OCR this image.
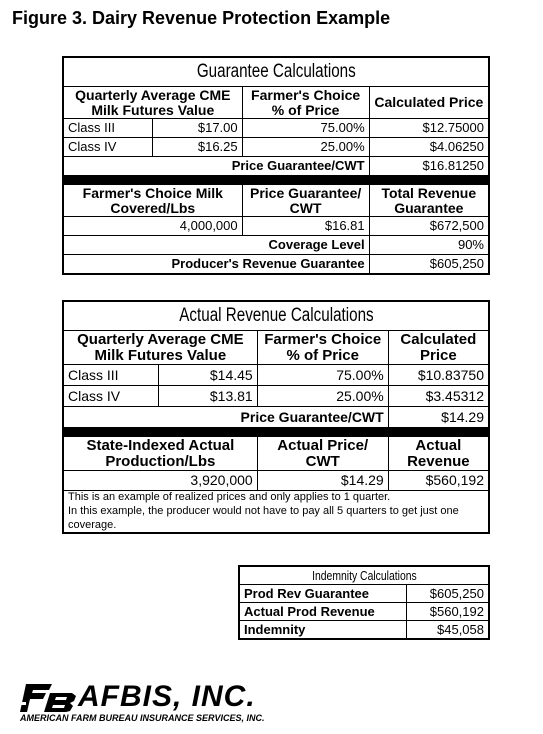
Figure 3. Dairy Revenue Protection Example
Guarantee Calculations			
Quarterly Average CME Milk Futures Value		Farmer's Choice % of Price	Calculated Price
Class III	$17.00	75.00%	$12.75000
Class IV	$16.25	25.00%	$4.06250
Price Guarantee/CWT			$16.81250

Farmer's Choice Milk Covered/Lbs		Price Guarantee/ CWT	Total Revenue Guarantee
4,000,000		$16.81	$672,500
Coverage Level			90%
Producer's Revenue Guarantee			$605,250
Actual Revenue Calculations			
Quarterly Average CME Milk Futures Value		Farmer's Choice % of Price	Calculated Price
Class III	$14.45	75.00%	$10.83750
Class IV	$13.81	25.00%	$3.45312
Price Guarantee/CWT			$14.29

State-Indexed Actual Production/Lbs		Actual Price/ CWT	Actual Revenue
3,920,000		$14.29	$560,192

This is an example of realized prices and only applies to 1 quarter.
In this example, the producer would not have to pay all 5 quarters to get just one coverage.			
Indemnity Calculations	
Prod Rev Guarantee	$605,250
Actual Prod Revenue	$560,192
Indemnity	$45,058
AFBIS, INC.
AMERICAN FARM BUREAU INSURANCE SERVICES, INC.
